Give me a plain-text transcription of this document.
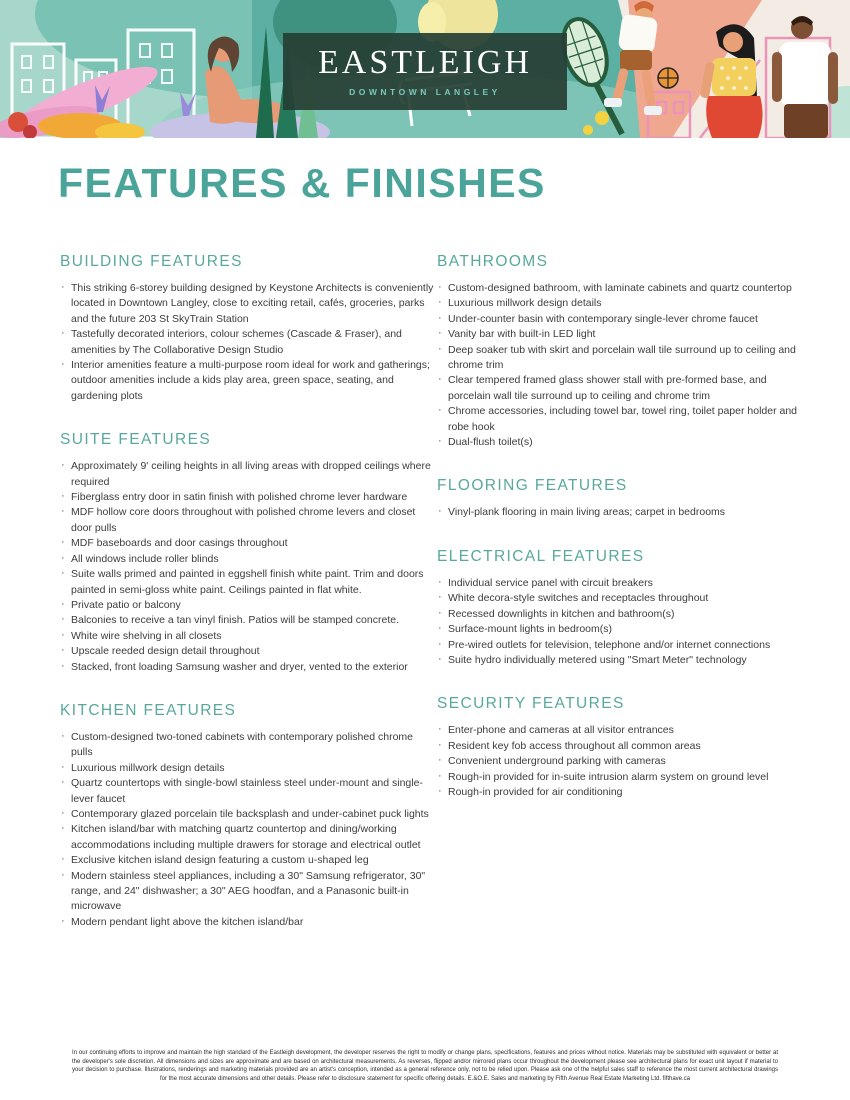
EASTLEIGH
DOWNTOWN LANGLEY
FEATURES & FINISHES
BUILDING FEATURES
· This striking 6-storey building designed by Keystone Architects is conveniently located in Downtown Langley, close to exciting retail, cafés, groceries, parks and the future 203 St SkyTrain Station
· Tastefully decorated interiors, colour schemes (Cascade & Fraser), and amenities by The Collaborative Design Studio
· Interior amenities feature a multi-purpose room ideal for work and gatherings; outdoor amenities include a kids play area, green space, seating, and gardening plots
SUITE FEATURES
· Approximately 9' ceiling heights in all living areas with dropped ceilings where required
· Fiberglass entry door in satin finish with polished chrome lever hardware
· MDF hollow core doors throughout with polished chrome levers and closet door pulls
· MDF baseboards and door casings throughout
· All windows include roller blinds
· Suite walls primed and painted in eggshell finish white paint. Trim and doors painted in semi-gloss white paint. Ceilings painted in flat white.
· Private patio or balcony
· Balconies to receive a tan vinyl finish. Patios will be stamped concrete.
· White wire shelving in all closets
· Upscale reeded design detail throughout
· Stacked, front loading Samsung washer and dryer, vented to the exterior
KITCHEN FEATURES
· Custom-designed two-toned cabinets with contemporary polished chrome pulls
· Luxurious millwork design details
· Quartz countertops with single-bowl stainless steel under-mount and single-lever faucet
· Contemporary glazed porcelain tile backsplash and under-cabinet puck lights
· Kitchen island/bar with matching quartz countertop and dining/working accommodations including multiple drawers for storage and electrical outlet
· Exclusive kitchen island design featuring a custom u-shaped leg
· Modern stainless steel appliances, including a 30" Samsung refrigerator, 30" range, and 24" dishwasher; a 30" AEG hoodfan, and a Panasonic built-in microwave
· Modern pendant light above the kitchen island/bar
BATHROOMS
· Custom-designed bathroom, with laminate cabinets and quartz countertop
· Luxurious millwork design details
· Under-counter basin with contemporary single-lever chrome faucet
· Vanity bar with built-in LED light
· Deep soaker tub with skirt and porcelain wall tile surround up to ceiling and chrome trim
· Clear tempered framed glass shower stall with pre-formed base, and porcelain wall tile surround up to ceiling and chrome trim
· Chrome accessories, including towel bar, towel ring, toilet paper holder and robe hook
· Dual-flush toilet(s)
FLOORING FEATURES
· Vinyl-plank flooring in main living areas; carpet in bedrooms
ELECTRICAL FEATURES
· Individual service panel with circuit breakers
· White decora-style switches and receptacles throughout
· Recessed downlights in kitchen and bathroom(s)
· Surface-mount lights in bedroom(s)
· Pre-wired outlets for television, telephone and/or internet connections
· Suite hydro individually metered using "Smart Meter" technology
SECURITY FEATURES
· Enter-phone and cameras at all visitor entrances
· Resident key fob access throughout all common areas
· Convenient underground parking with cameras
· Rough-in provided for in-suite intrusion alarm system on ground level
· Rough-in provided for air conditioning

In our continuing efforts to improve and maintain the high standard of the Eastleigh development, the developer reserves the right to modify or change plans, specifications, features and prices without notice. Materials may be substituted with equivalent or better at the developer's sole discretion. All dimensions and sizes are approximate and are based on architectural measurements. As reverses, flipped and/or mirrored plans occur throughout the development please see architectural plans for exact unit layout if material to your decision to purchase. Illustrations, renderings and marketing materials provided are an artist's conception, intended as a general reference only, not to be relied upon. Please ask one of the helpful sales staff to reference the most current architectural drawings for the most accurate dimensions and other details. Please refer to disclosure statement for specific offering details. E.&O.E. Sales and marketing by Fifth Avenue Real Estate Marketing Ltd. fifthave.ca
